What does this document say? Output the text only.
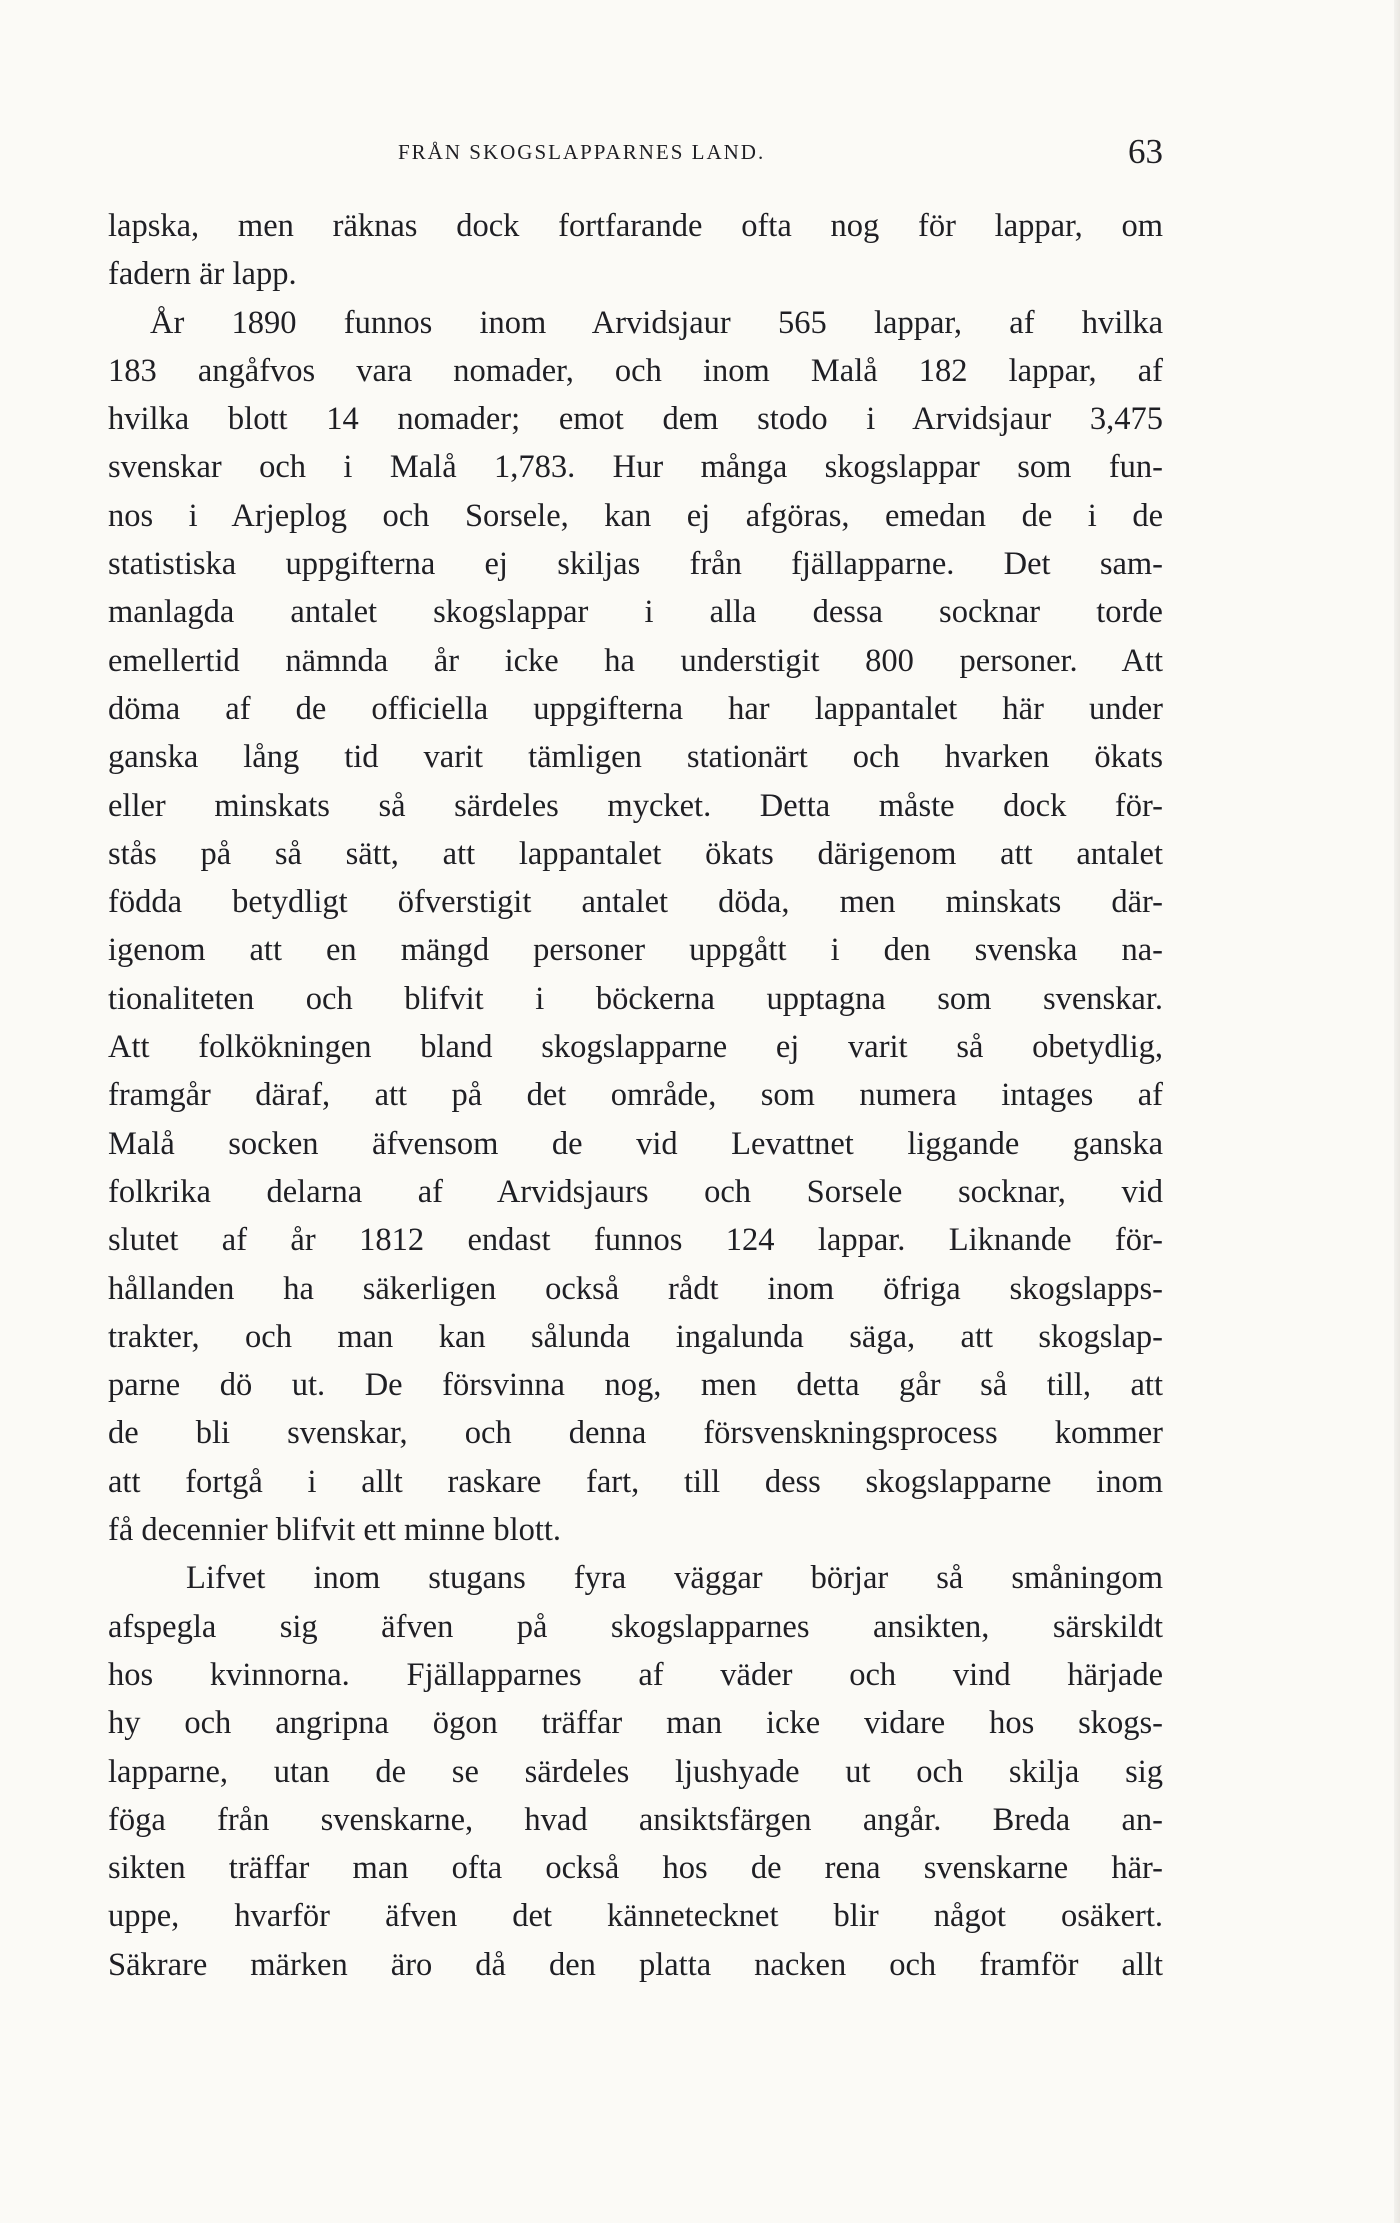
FRÅN SKOGSLAPPARNES LAND.	63
lapska, men räknas dock fortfarande ofta nog för lappar, om
fadern är lapp.
År 1890 funnos inom Arvidsjaur 565 lappar, af hvilka
183 angåfvos vara nomader, och inom Malå 182 lappar, af
hvilka blott 14 nomader; emot dem stodo i Arvidsjaur 3,475
svenskar och i Malå 1,783. Hur många skogslappar som fun-
nos i Arjeplog och Sorsele, kan ej afgöras, emedan de i de
statistiska uppgifterna ej skiljas från fjällapparne. Det sam-
manlagda antalet skogslappar i alla dessa socknar torde
emellertid nämnda år icke ha understigit 800 personer. Att
döma af de officiella uppgifterna har lappantalet här under
ganska lång tid varit tämligen stationärt och hvarken ökats
eller minskats så särdeles mycket. Detta måste dock för-
stås på så sätt, att lappantalet ökats därigenom att antalet
födda betydligt öfverstigit antalet döda, men minskats där-
igenom att en mängd personer uppgått i den svenska na-
tionaliteten och blifvit i böckerna upptagna som svenskar.
Att folkökningen bland skogslapparne ej varit så obetydlig,
framgår däraf, att på det område, som numera intages af
Malå socken äfvensom de vid Levattnet liggande ganska
folkrika delarna af Arvidsjaurs och Sorsele socknar, vid
slutet af år 1812 endast funnos 124 lappar. Liknande för-
hållanden ha säkerligen också rådt inom öfriga skogslapps-
trakter, och man kan sålunda ingalunda säga, att skogslap-
parne dö ut. De försvinna nog, men detta går så till, att
de bli svenskar, och denna försvenskningsprocess kommer
att fortgå i allt raskare fart, till dess skogslapparne inom
få decennier blifvit ett minne blott.
Lifvet inom stugans fyra väggar börjar så småningom
afspegla sig äfven på skogslapparnes ansikten, särskildt
hos kvinnorna. Fjällapparnes af väder och vind härjade
hy och angripna ögon träffar man icke vidare hos skogs-
lapparne, utan de se särdeles ljushyade ut och skilja sig
föga från svenskarne, hvad ansiktsfärgen angår. Breda an-
sikten träffar man ofta också hos de rena svenskarne här-
uppe, hvarför äfven det kännetecknet blir något osäkert.
Säkrare märken äro då den platta nacken och framför allt
